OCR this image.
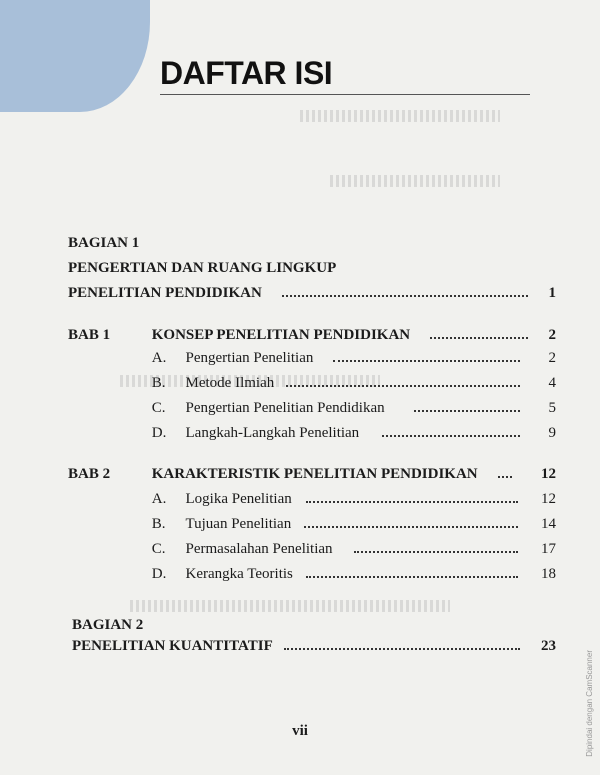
DAFTAR ISI
BAGIAN 1
PENGERTIAN DAN RUANG LINGKUP
PENELITIAN PENDIDIKAN	1
BAB 1	KONSEP PENELITIAN PENDIDIKAN	2
A. Pengertian Penelitian	2
B. Metode Ilmiah	4
C. Pengertian Penelitian Pendidikan	5
D. Langkah-Langkah Penelitian	9
BAB 2	KARAKTERISTIK PENELITIAN PENDIDIKAN	12
A. Logika Penelitian	12
B. Tujuan Penelitian	14
C. Permasalahan Penelitian	17
D. Kerangka Teoritis	18
BAGIAN 2
PENELITIAN KUANTITATIF	23
vii	Dipindai dengan CamScanner
